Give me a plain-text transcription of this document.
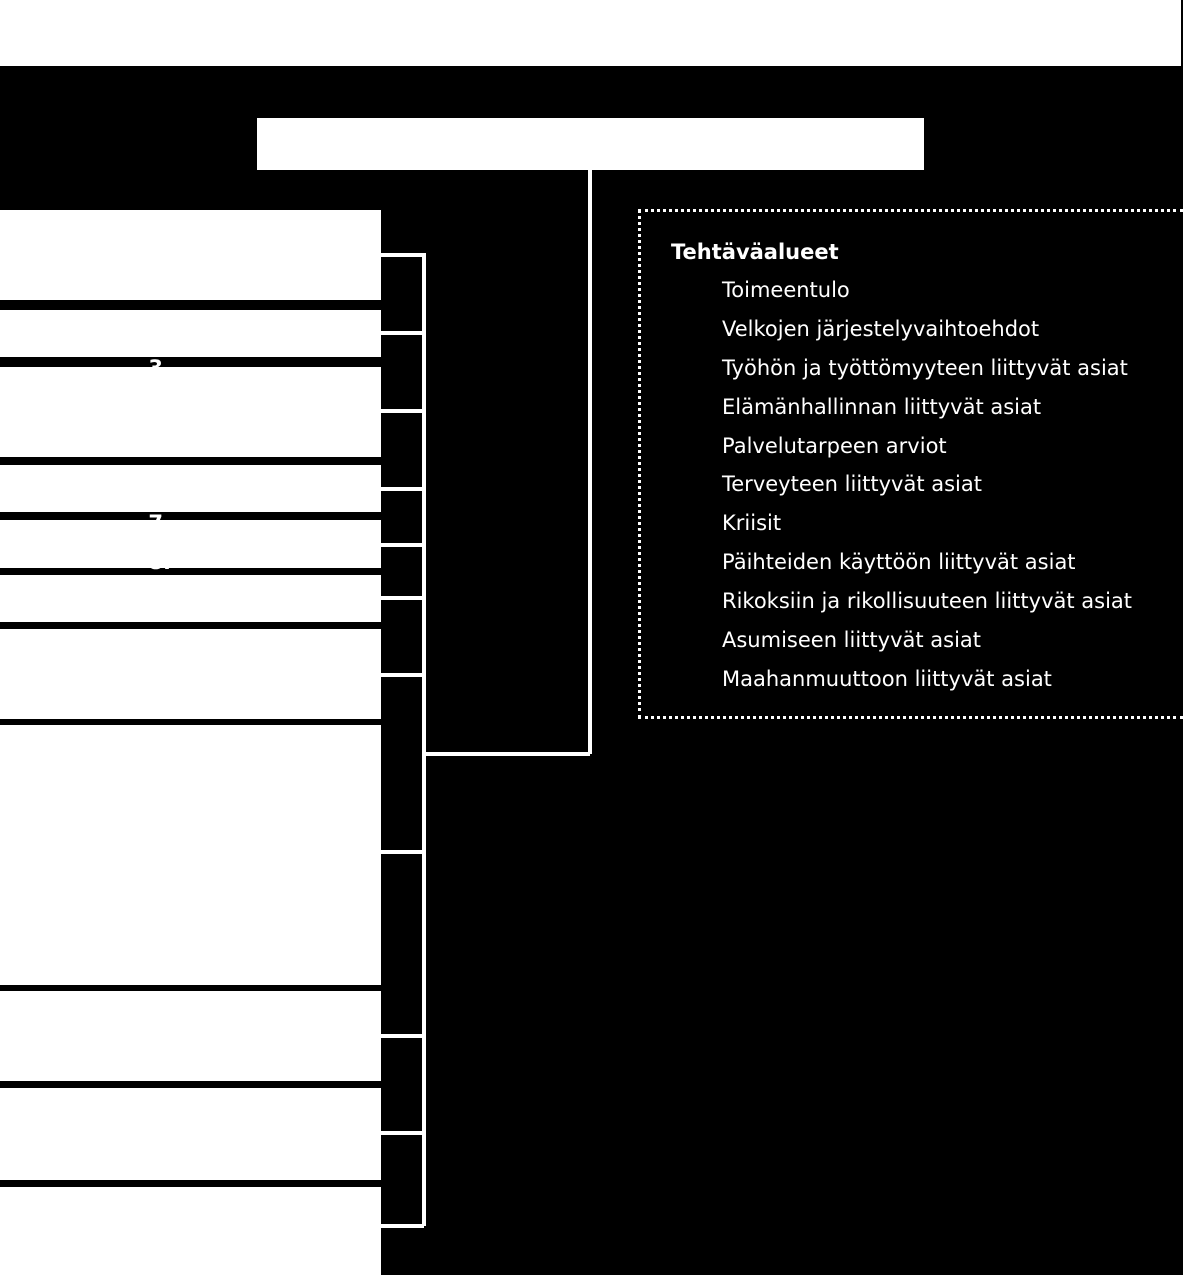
Tehtäväalueet
1.	Toimeentulo
2.	Velkojen järjestelyvaihtoehdot
3.	Työhön ja työttömyyteen liittyvät asiat
4.	Elämänhallinnan liittyvät asiat
5.	Palvelutarpeen arviot
6.	Terveyteen liittyvät asiat
7.	Kriisit
8.	Päihteiden käyttöön liittyvät asiat
9.	Rikoksiin ja rikollisuuteen liittyvät asiat
10.	Asumiseen liittyvät asiat
11.	Maahanmuuttoon liittyvät asiat
